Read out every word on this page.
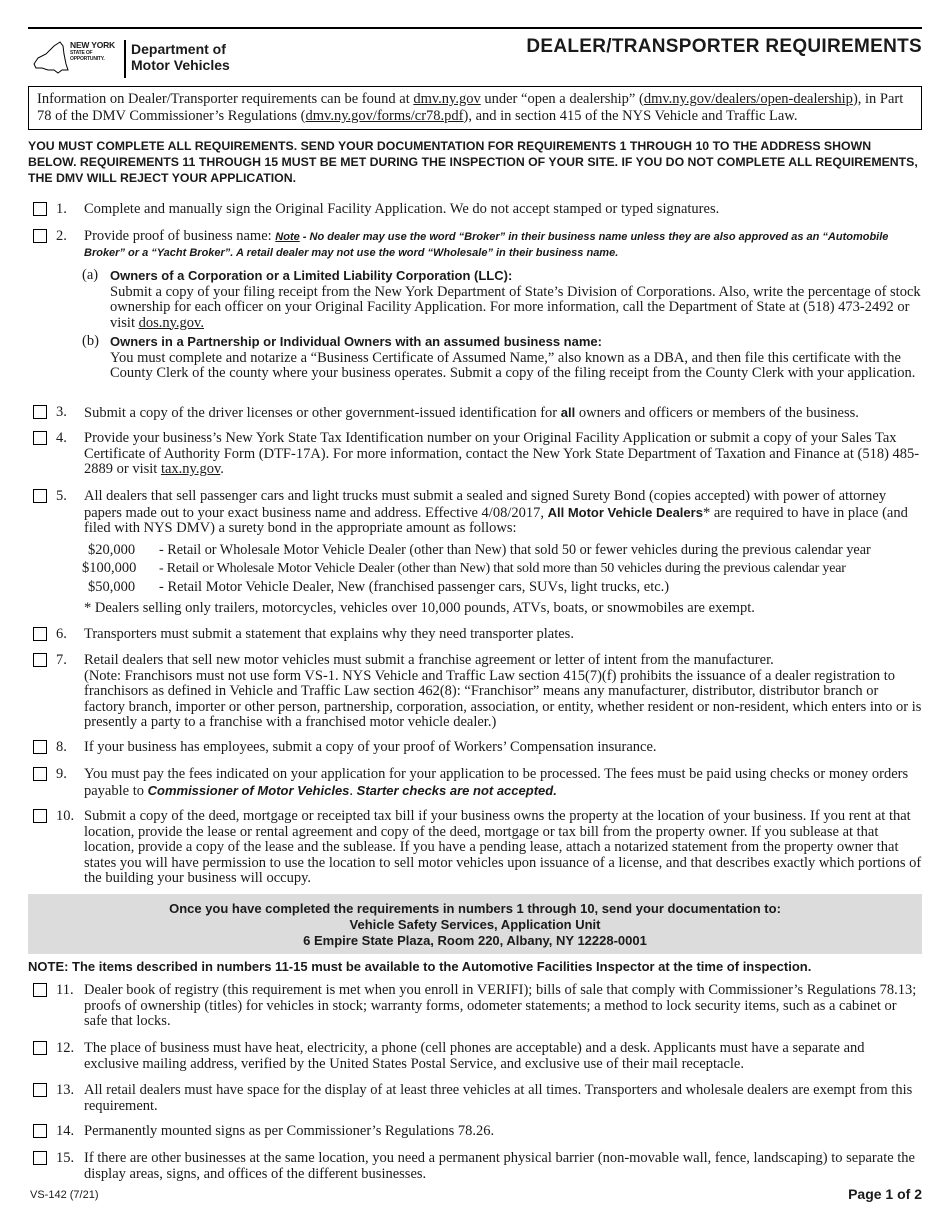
NEW YORK
STATE OF
OPPORTUNITY.
Department of
Motor Vehicles
DEALER/TRANSPORTER REQUIREMENTS
Information on Dealer/Transporter requirements can be found at dmv.ny.gov under “open a dealership” (dmv.ny.gov/dealers/open-dealership), in Part 78 of the DMV Commissioner’s Regulations (dmv.ny.gov/forms/cr78.pdf), and in section 415 of the NYS Vehicle and Traffic Law.
YOU MUST COMPLETE ALL REQUIREMENTS. SEND YOUR DOCUMENTATION FOR REQUIREMENTS 1 THROUGH 10 TO THE ADDRESS SHOWN BELOW. REQUIREMENTS 11 THROUGH 15 MUST BE MET DURING THE INSPECTION OF YOUR SITE. IF YOU DO NOT COMPLETE ALL REQUIREMENTS, THE DMV WILL REJECT YOUR APPLICATION.
1. Complete and manually sign the Original Facility Application. We do not accept stamped or typed signatures.
2. Provide proof of business name: Note - No dealer may use the word “Broker” in their business name unless they are also approved as an “Automobile Broker” or a “Yacht Broker”. A retail dealer may not use the word “Wholesale” in their business name.
(a) Owners of a Corporation or a Limited Liability Corporation (LLC):
Submit a copy of your filing receipt from the New York Department of State’s Division of Corporations. Also, write the percentage of stock ownership for each officer on your Original Facility Application. For more information, call the Department of State at (518) 473-2492 or visit dos.ny.gov.
(b) Owners in a Partnership or Individual Owners with an assumed business name:
You must complete and notarize a “Business Certificate of Assumed Name,” also known as a DBA, and then file this certificate with the County Clerk of the county where your business operates. Submit a copy of the filing receipt from the County Clerk with your application.
3. Submit a copy of the driver licenses or other government-issued identification for all owners and officers or members of the business.
4. Provide your business’s New York State Tax Identification number on your Original Facility Application or submit a copy of your Sales Tax Certificate of Authority Form (DTF-17A). For more information, contact the New York State Department of Taxation and Finance at (518) 485-2889 or visit tax.ny.gov.
5. All dealers that sell passenger cars and light trucks must submit a sealed and signed Surety Bond (copies accepted) with power of attorney papers made out to your exact business name and address. Effective 4/08/2017, All Motor Vehicle Dealers* are required to have in place (and filed with NYS DMV) a surety bond in the appropriate amount as follows:
$20,000 - Retail or Wholesale Motor Vehicle Dealer (other than New) that sold 50 or fewer vehicles during the previous calendar year
$100,000 - Retail or Wholesale Motor Vehicle Dealer (other than New) that sold more than 50 vehicles during the previous calendar year
$50,000 - Retail Motor Vehicle Dealer, New (franchised passenger cars, SUVs, light trucks, etc.)
* Dealers selling only trailers, motorcycles, vehicles over 10,000 pounds, ATVs, boats, or snowmobiles are exempt.
6. Transporters must submit a statement that explains why they need transporter plates.
7. Retail dealers that sell new motor vehicles must submit a franchise agreement or letter of intent from the manufacturer.
(Note: Franchisors must not use form VS-1. NYS Vehicle and Traffic Law section 415(7)(f) prohibits the issuance of a dealer registration to franchisors as defined in Vehicle and Traffic Law section 462(8): “Franchisor” means any manufacturer, distributor, distributor branch or factory branch, importer or other person, partnership, corporation, association, or entity, whether resident or non-resident, which enters into or is presently a party to a franchise with a franchised motor vehicle dealer.)
8. If your business has employees, submit a copy of your proof of Workers’ Compensation insurance.
9. You must pay the fees indicated on your application for your application to be processed. The fees must be paid using checks or money orders payable to Commissioner of Motor Vehicles. Starter checks are not accepted.
10. Submit a copy of the deed, mortgage or receipted tax bill if your business owns the property at the location of your business. If you rent at that location, provide the lease or rental agreement and copy of the deed, mortgage or tax bill from the property owner. If you sublease at that location, provide a copy of the lease and the sublease. If you have a pending lease, attach a notarized statement from the property owner that states you will have permission to use the location to sell motor vehicles upon issuance of a license, and that describes exactly which portions of the building your business will occupy.
Once you have completed the requirements in numbers 1 through 10, send your documentation to:
Vehicle Safety Services, Application Unit
6 Empire State Plaza, Room 220, Albany, NY 12228-0001
NOTE: The items described in numbers 11-15 must be available to the Automotive Facilities Inspector at the time of inspection.
11. Dealer book of registry (this requirement is met when you enroll in VERIFI); bills of sale that comply with Commissioner’s Regulations 78.13; proofs of ownership (titles) for vehicles in stock; warranty forms, odometer statements; a method to lock security items, such as a cabinet or safe that locks.
12. The place of business must have heat, electricity, a phone (cell phones are acceptable) and a desk. Applicants must have a separate and exclusive mailing address, verified by the United States Postal Service, and exclusive use of their mail receptacle.
13. All retail dealers must have space for the display of at least three vehicles at all times. Transporters and wholesale dealers are exempt from this requirement.
14. Permanently mounted signs as per Commissioner’s Regulations 78.26.
15. If there are other businesses at the same location, you need a permanent physical barrier (non-movable wall, fence, landscaping) to separate the display areas, signs, and offices of the different businesses.
VS-142 (7/21)	Page 1 of 2
